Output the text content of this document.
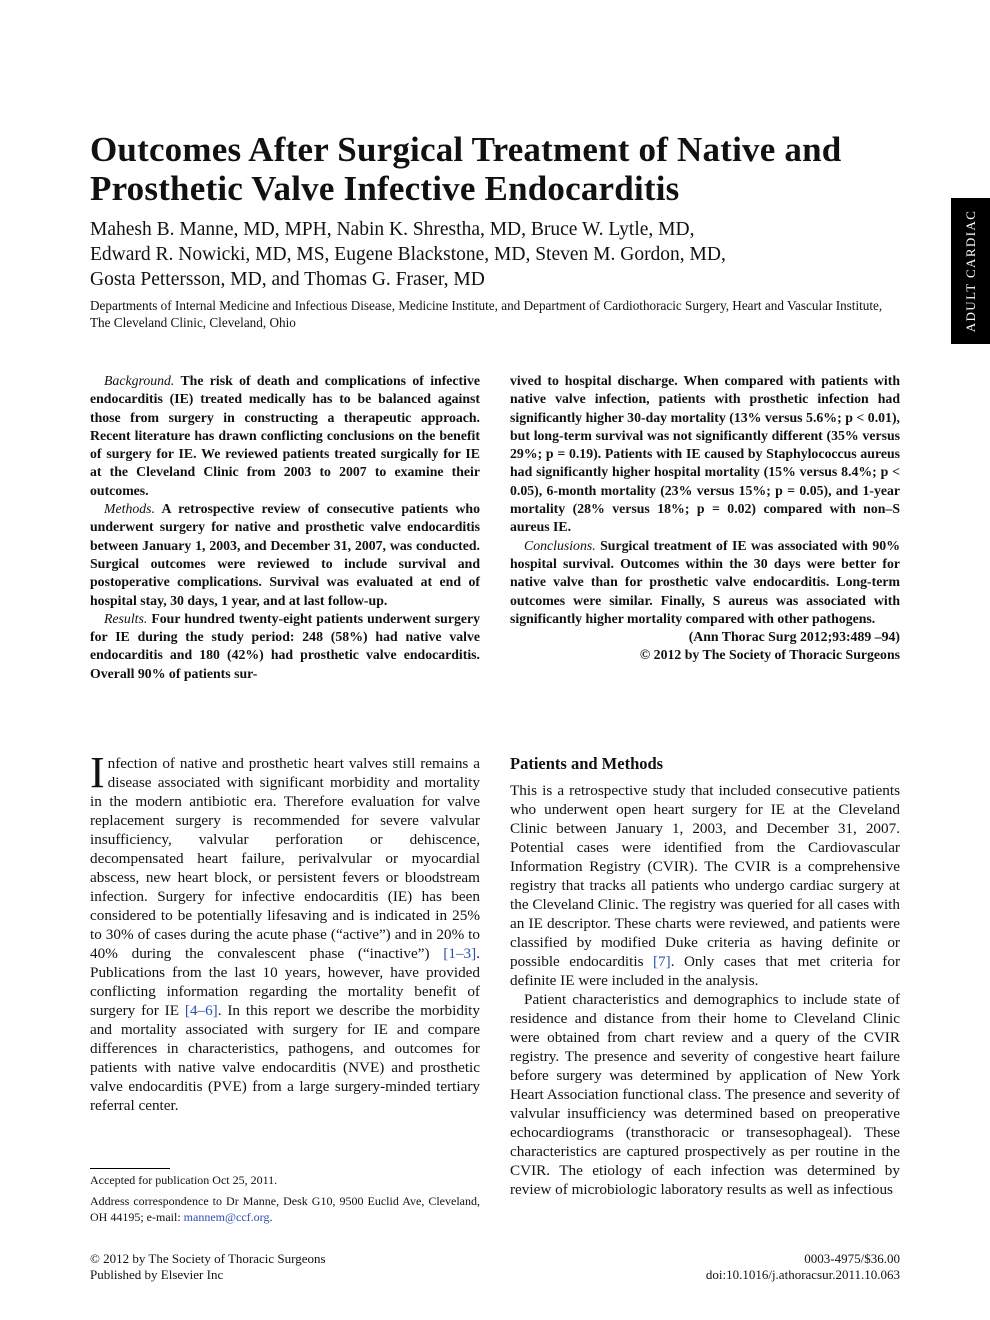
Outcomes After Surgical Treatment of Native and Prosthetic Valve Infective Endocarditis
Mahesh B. Manne, MD, MPH, Nabin K. Shrestha, MD, Bruce W. Lytle, MD,
Edward R. Nowicki, MD, MS, Eugene Blackstone, MD, Steven M. Gordon, MD,
Gosta Pettersson, MD, and Thomas G. Fraser, MD
Departments of Internal Medicine and Infectious Disease, Medicine Institute, and Department of Cardiothoracic Surgery, Heart and Vascular Institute, The Cleveland Clinic, Cleveland, Ohio	ADULT CARDIAC

Background. The risk of death and complications of infective endocarditis (IE) treated medically has to be balanced against those from surgery in constructing a therapeutic approach. Recent literature has drawn conflicting conclusions on the benefit of surgery for IE. We reviewed patients treated surgically for IE at the Cleveland Clinic from 2003 to 2007 to examine their outcomes.

Methods. A retrospective review of consecutive patients who underwent surgery for native and prosthetic valve endocarditis between January 1, 2003, and December 31, 2007, was conducted. Surgical outcomes were reviewed to include survival and postoperative complications. Survival was evaluated at end of hospital stay, 30 days, 1 year, and at last follow-up.

Results. Four hundred twenty-eight patients underwent surgery for IE during the study period: 248 (58%) had native valve endocarditis and 180 (42%) had prosthetic valve endocarditis. Overall 90% of patients sur-

vived to hospital discharge. When compared with patients with native valve infection, patients with prosthetic infection had significantly higher 30-day mortality (13% versus 5.6%; p < 0.01), but long-term survival was not significantly different (35% versus 29%; p = 0.19). Patients with IE caused by Staphylococcus aureus had significantly higher hospital mortality (15% versus 8.4%; p < 0.05), 6-month mortality (23% versus 15%; p = 0.05), and 1-year mortality (28% versus 18%; p = 0.02) compared with non–S aureus IE.

Conclusions. Surgical treatment of IE was associated with 90% hospital survival. Outcomes within the 30 days were better for native valve than for prosthetic valve endocarditis. Long-term outcomes were similar. Finally, S aureus was associated with significantly higher mortality compared with other pathogens.

(Ann Thorac Surg 2012;93:489 –94)

© 2012 by The Society of Thoracic Surgeons

Infection of native and prosthetic heart valves still remains a disease associated with significant morbidity and mortality in the modern antibiotic era. Therefore evaluation for valve replacement surgery is recommended for severe valvular insufficiency, valvular perforation or dehiscence, decompensated heart failure, perivalvular or myocardial abscess, new heart block, or persistent fevers or bloodstream infection. Surgery for infective endocarditis (IE) has been considered to be potentially lifesaving and is indicated in 25% to 30% of cases during the acute phase (“active”) and in 20% to 40% during the convalescent phase (“inactive”) [1–3]. Publications from the last 10 years, however, have provided conflicting information regarding the mortality benefit of surgery for IE [4–6]. In this report we describe the morbidity and mortality associated with surgery for IE and compare differences in characteristics, pathogens, and outcomes for patients with native valve endocarditis (NVE) and prosthetic valve endocarditis (PVE) from a large surgery-minded tertiary referral center.

Patients and Methods

This is a retrospective study that included consecutive patients who underwent open heart surgery for IE at the Cleveland Clinic between January 1, 2003, and December 31, 2007. Potential cases were identified from the Cardiovascular Information Registry (CVIR). The CVIR is a comprehensive registry that tracks all patients who undergo cardiac surgery at the Cleveland Clinic. The registry was queried for all cases with an IE descriptor. These charts were reviewed, and patients were classified by modified Duke criteria as having definite or possible endocarditis [7]. Only cases that met criteria for definite IE were included in the analysis.

Patient characteristics and demographics to include state of residence and distance from their home to Cleveland Clinic were obtained from chart review and a query of the CVIR registry. The presence and severity of congestive heart failure before surgery was determined by application of New York Heart Association functional class. The presence and severity of valvular insufficiency was determined based on preoperative echocardiograms (transthoracic or transesophageal). These characteristics are captured prospectively as per routine in the CVIR. The etiology of each infection was determined by review of microbiologic laboratory results as well as infectious

Accepted for publication Oct 25, 2011.

Address correspondence to Dr Manne, Desk G10, 9500 Euclid Ave, Cleveland, OH 44195; e-mail: mannem@ccf.org.

© 2012 by The Society of Thoracic Surgeons
Published by Elsevier Inc
0003-4975/$36.00
doi:10.1016/j.athoracsur.2011.10.063
